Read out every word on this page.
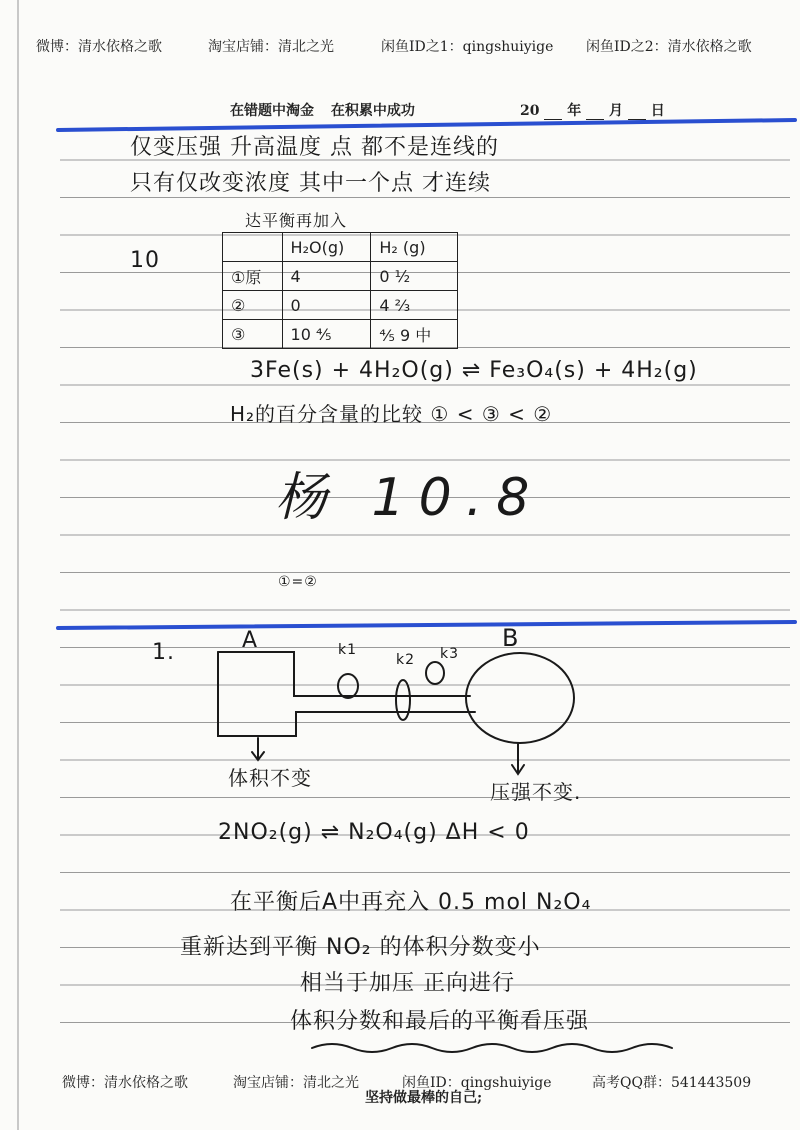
微博：清水依格之歌	淘宝店铺：清北之光	闲鱼ID之1：qingshuiyige 闲鱼ID之2：清水依格之歌
在错题中淘金 在积累中成功	20 年 月 日
仅变压强 升高温度 点 都不是连线的
只有仅改变浓度 其中一个点 才连续
达平衡再加入
10
	H₂O(g)	H₂ (g)
①原	4	0 ½
②	0	4 ⅔
③	10 ⅘	⅘ 9 中
3Fe(s) + 4H₂O(g) ⇌ Fe₃O₄(s) + 4H₂(g)
H₂的百分含量的比较 ① < ③ < ②
杨 10.8
①=②
1.	A	B
k1
k2 k3
体积不变
压强不变.
2NO₂(g) ⇌ N₂O₄(g) ΔH < 0
在平衡后A中再充入 0.5 mol N₂O₄
重新达到平衡 NO₂ 的体积分数变小
相当于加压 正向进行
体积分数和最后的平衡看压强
微博：清水依格之歌	淘宝店铺：清北之光	闲鱼ID：qingshuiyige	高考QQ群：541443509
坚持做最棒的自己;
